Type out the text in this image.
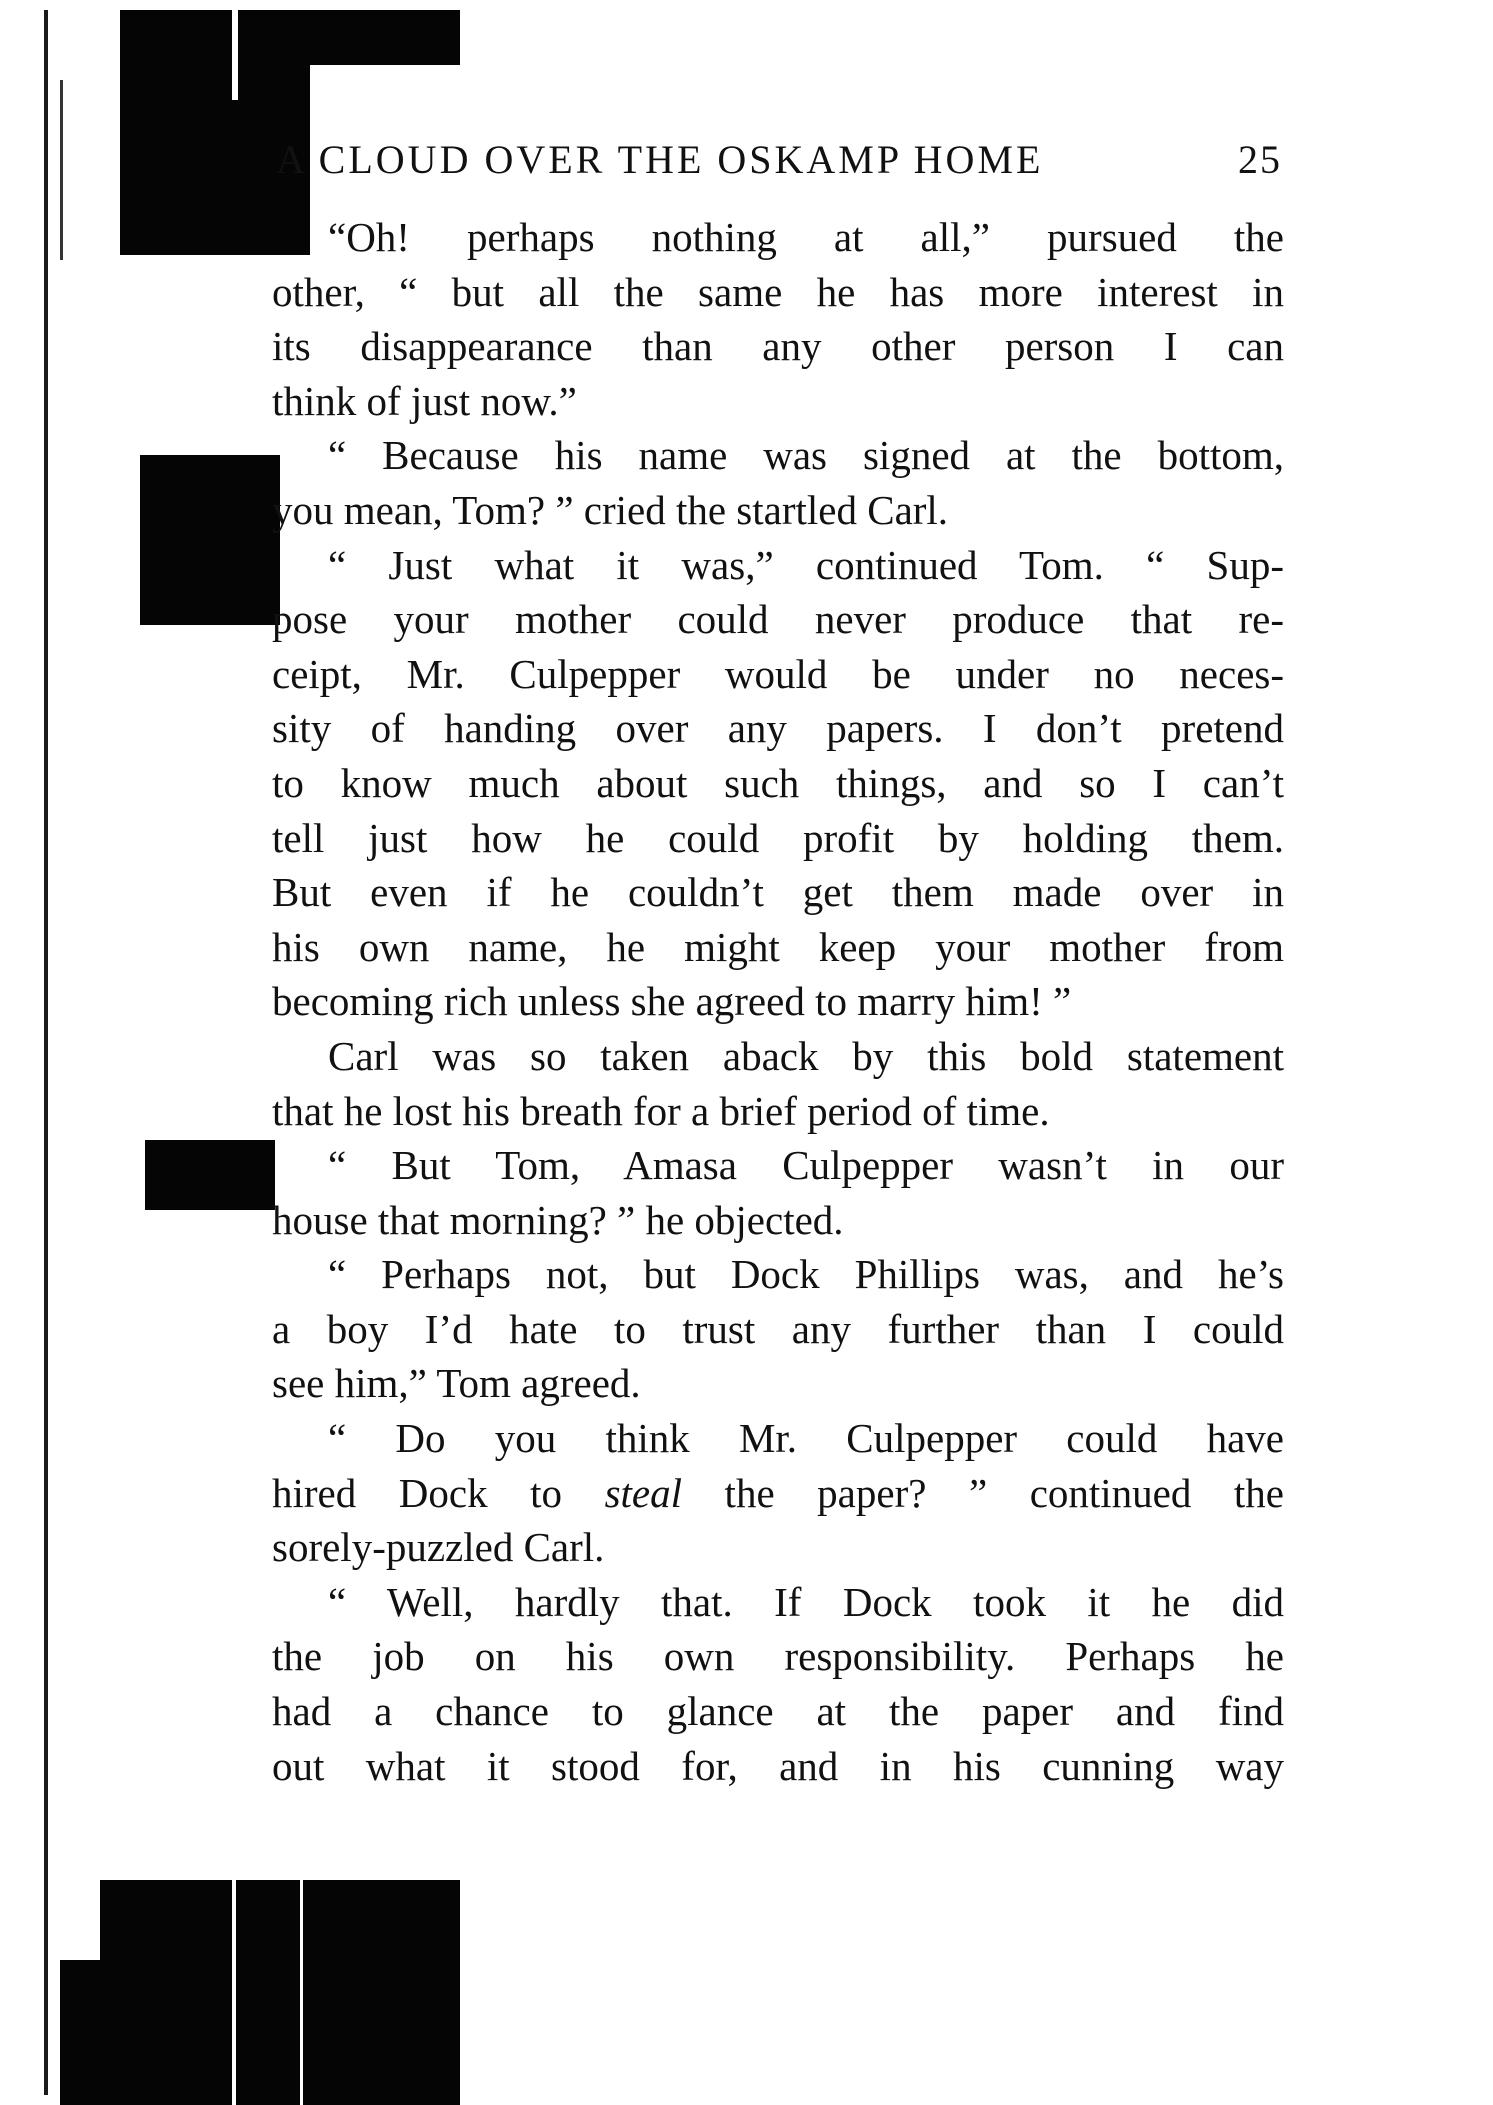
A CLOUD OVER THE OSKAMP HOME	25
“Oh! perhaps nothing at all,” pursued the
other, “ but all the same he has more interest in
its disappearance than any other person I can
think of just now.”
“ Because his name was signed at the bottom,
you mean, Tom? ” cried the startled Carl.
“ Just what it was,” continued Tom. “ Sup-
pose your mother could never produce that re-
ceipt, Mr. Culpepper would be under no neces-
sity of handing over any papers. I don’t pretend
to know much about such things, and so I can’t
tell just how he could profit by holding them.
But even if he couldn’t get them made over in
his own name, he might keep your mother from
becoming rich unless she agreed to marry him! ”
Carl was so taken aback by this bold statement
that he lost his breath for a brief period of time.
“ But Tom, Amasa Culpepper wasn’t in our
house that morning? ” he objected.
“ Perhaps not, but Dock Phillips was, and he’s
a boy I’d hate to trust any further than I could
see him,” Tom agreed.
“ Do you think Mr. Culpepper could have
hired Dock to steal the paper? ” continued the
sorely-puzzled Carl.
“ Well, hardly that. If Dock took it he did
the job on his own responsibility. Perhaps he
had a chance to glance at the paper and find
out what it stood for, and in his cunning way
